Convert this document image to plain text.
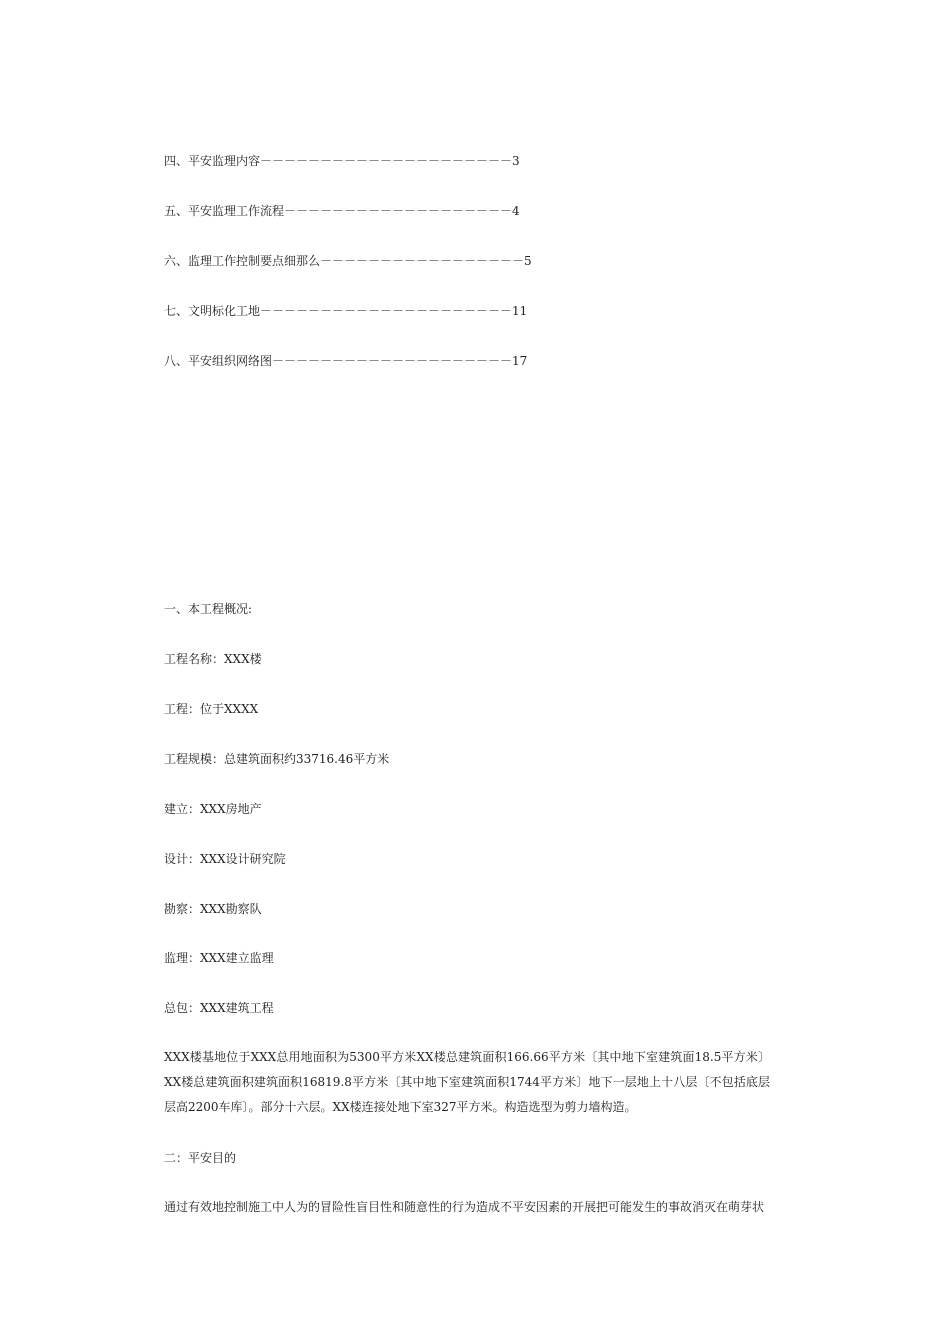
四、平安监理内容－－－－－－－－－－－－－－－－－－－－－3
五、平安监理工作流程－－－－－－－－－－－－－－－－－－－4
六、监理工作控制要点细那么－－－－－－－－－－－－－－－－－5
七、文明标化工地－－－－－－－－－－－－－－－－－－－－－11
八、平安组织网络图－－－－－－－－－－－－－－－－－－－－17
一、本工程概况:
工程名称：XXX楼
工程：位于XXXX
工程规模：总建筑面积约33716.46平方米
建立：XXX房地产
设计：XXX设计研究院
勘察：XXX勘察队
监理：XXX建立监理
总包：XXX建筑工程
XXX楼基地位于XXX总用地面积为5300平方米XX楼总建筑面积166.66平方米〔其中地下室建筑面18.5平方米〕XX楼总建筑面积建筑面积16819.8平方米〔其中地下室建筑面积1744平方米〕地下一层地上十八层〔不包括底层层高2200车库〕。部分十六层。XX楼连接处地下室327平方米。构造选型为剪力墙构造。
二：平安目的
通过有效地控制施工中人为的冒险性盲目性和随意性的行为造成不平安因素的开展把可能发生的事故消灭在萌芽状
